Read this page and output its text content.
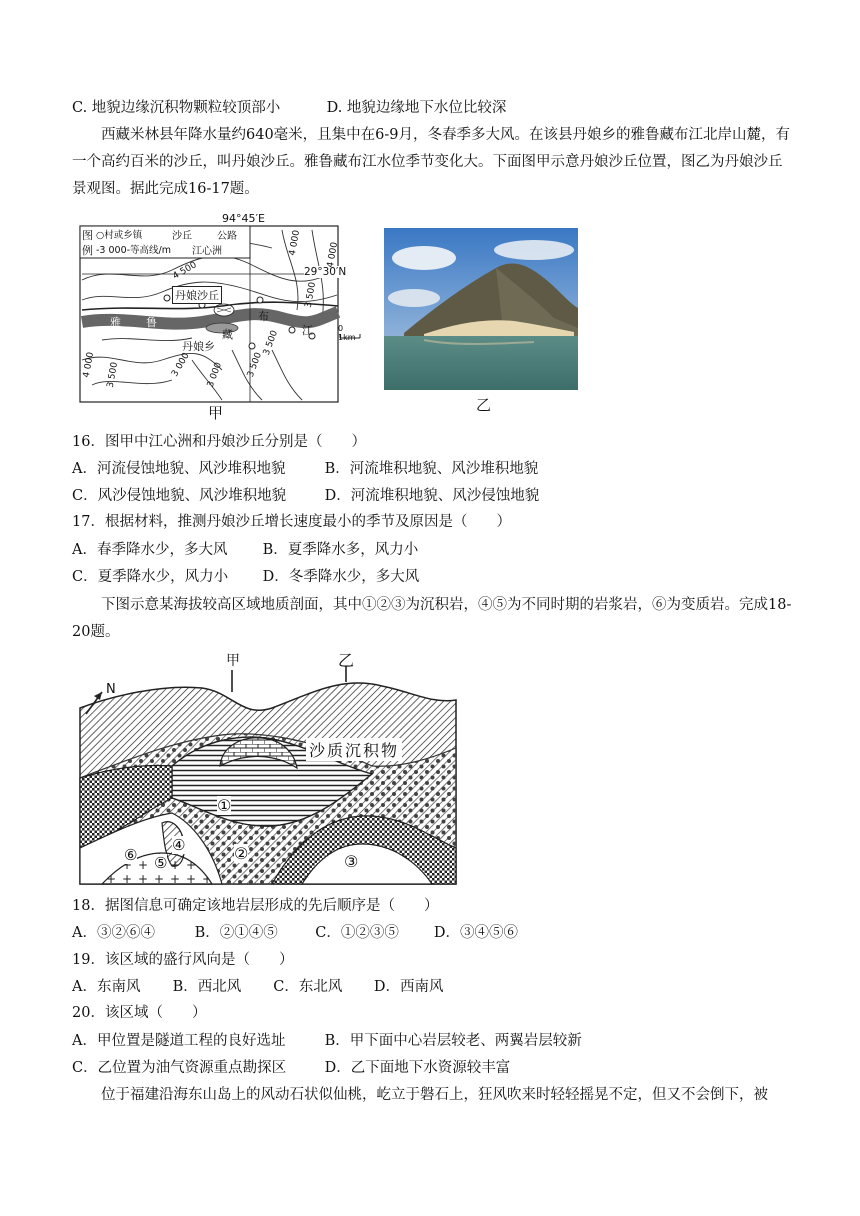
C. 地貌边缘沉积物颗粒较顶部小	D. 地貌边缘地下水位比较深
西藏米林县年降水量约640毫米，且集中在6-9月，冬春季多大风。在该县丹娘乡的雅鲁藏布江北岸山麓，有一个高约百米的沙丘，叫丹娘沙丘。雅鲁藏布江水位季节变化大。下面图甲示意丹娘沙丘位置，图乙为丹娘沙丘景观图。据此完成16-17题。
94°45′E
图
例
○村或乡镇	沙丘	公路
-3 000-等高线/m 江心洲
29°30′N
丹娘沙丘
丹娘乡
雅 鲁
藏
布
江
4 000
4 500
4 000
3 500
3 000
3 500	3 000 3 500
4 000
3 500
0 1km
甲	乙
16．图甲中江心洲和丹娘沙丘分别是（　　）
A．河流侵蚀地貌、风沙堆积地貌	B．河流堆积地貌、风沙堆积地貌
C．风沙侵蚀地貌、风沙堆积地貌	D．河流堆积地貌、风沙侵蚀地貌
17．根据材料，推测丹娘沙丘增长速度最小的季节及原因是（　　）
A．春季降水少，多大风 B．夏季降水多，风力小
C．夏季降水少，风力小 D．冬季降水少，多大风
下图示意某海拔较高区域地质剖面，其中①②③为沉积岩，④⑤为不同时期的岩浆岩，⑥为变质岩。完成18-20题。
甲	乙
N
沙质沉积物
①
②	③
④
⑤
⑥
18．据图信息可确定该地岩层形成的先后顺序是（　　）
A．③②⑥④	B．②①④⑤	C．①②③⑤ D．③④⑤⑥
19．该区域的盛行风向是（　　）
A．东南风 B．西北风 C．东北风 D．西南风
20．该区域（　　）
A．甲位置是隧道工程的良好选址	B．甲下面中心岩层较老、两翼岩层较新
C．乙位置为油气资源重点勘探区	D．乙下面地下水资源较丰富
位于福建沿海东山岛上的风动石状似仙桃，屹立于磐石上，狂风吹来时轻轻摇晃不定，但又不会倒下，被
